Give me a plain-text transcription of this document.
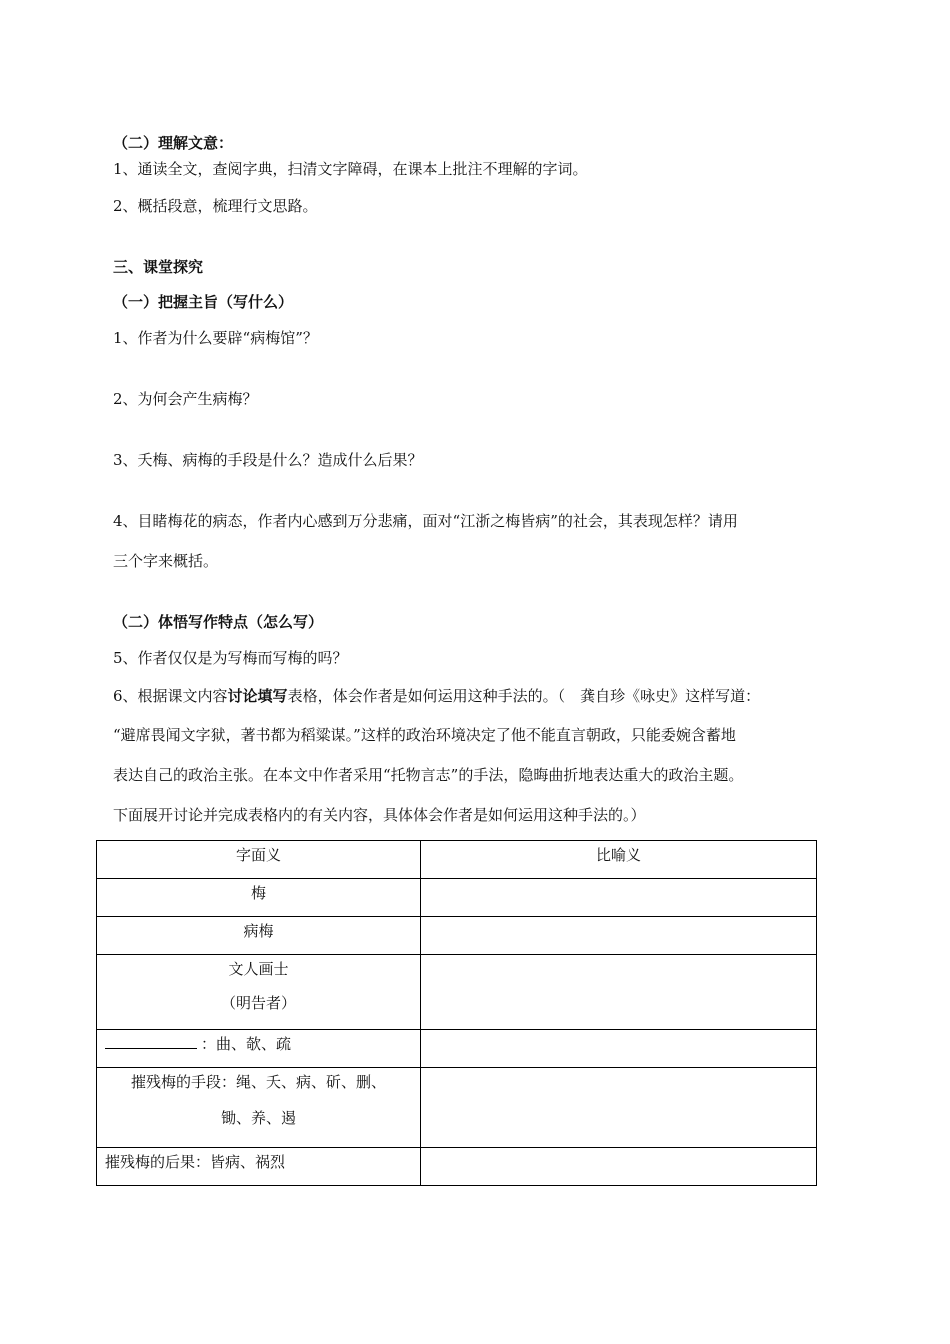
（二）理解文意：
1、通读全文，查阅字典，扫清文字障碍，在课本上批注不理解的字词。
2、概括段意，梳理行文思路。
三、课堂探究
（一）把握主旨（写什么）
1、作者为什么要辟“病梅馆”？
2、为何会产生病梅？
3、夭梅、病梅的手段是什么？造成什么后果？
4、目睹梅花的病态，作者内心感到万分悲痛，面对“江浙之梅皆病”的社会，其表现怎样？请用
三个字来概括。
（二）体悟写作特点（怎么写）
5、作者仅仅是为写梅而写梅的吗？
6、根据课文内容讨论填写表格，体会作者是如何运用这种手法的。（　龚自珍《咏史》这样写道：
“避席畏闻文字狱，著书都为稻粱谋。”这样的政治环境决定了他不能直言朝政，只能委婉含蓄地
表达自己的政治主张。在本文中作者采用“托物言志”的手法，隐晦曲折地表达重大的政治主题。
下面展开讨论并完成表格内的有关内容，具体体会作者是如何运用这种手法的。）
字面义	比喻义
梅	
病梅	

文人画士
（明告者）	

：曲、欹、疏	

摧残梅的手段：绳、夭、病、斫、删、
锄、养、遏	

摧残梅的后果：皆病、祸烈	
